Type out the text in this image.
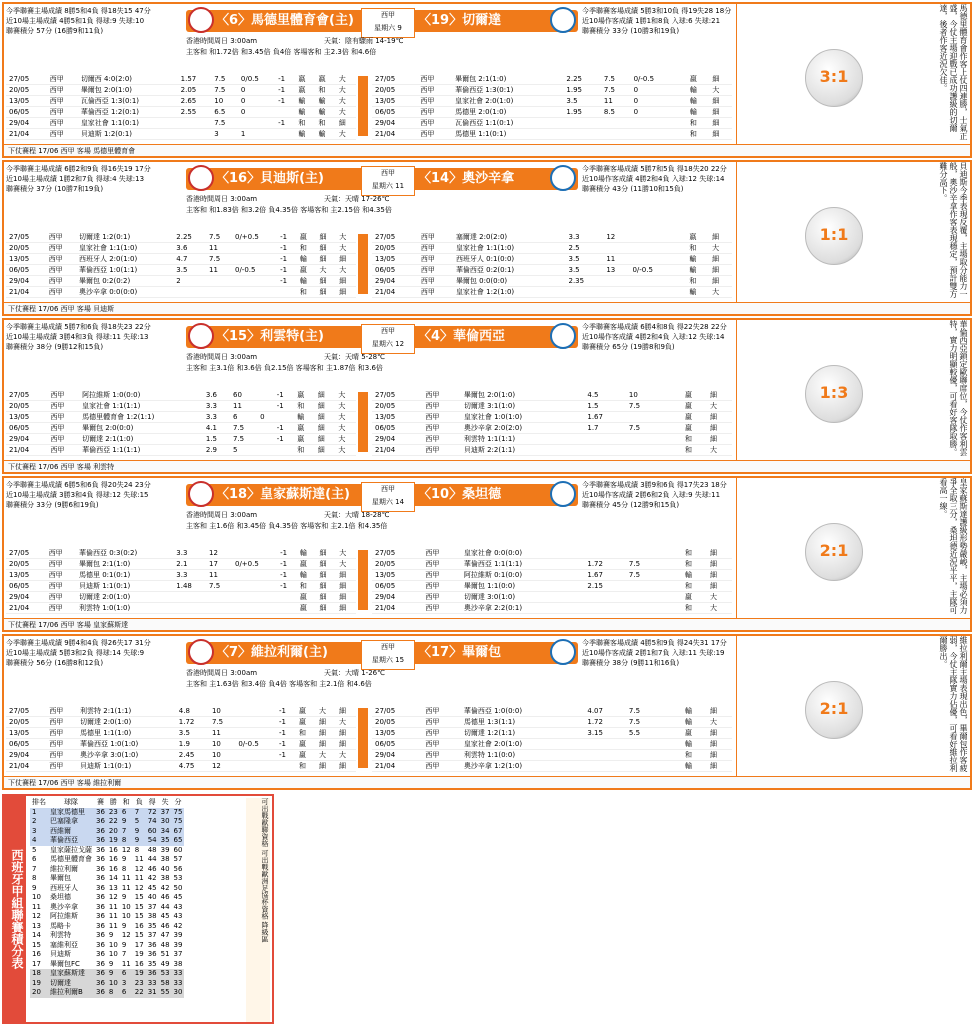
今季聯賽主場成績 8勝5和4負 得18失15 47分
近10場主場成績 4勝5和1負 得球:9 失球:10
聯賽積分 57分 (16勝9和11負)
〈6〉馬德里體育會(主)	西甲
星期六 9	〈19〉切爾達
香港時間周日 3:00am	天氣：陰有驟雨 14-19℃
今季聯賽客場成績 5勝3和10負 得19失28 18分
近10場作客成績 1勝1和8負 入球:6 失球:21
聯賽積分 33分 (10勝3和19負)
主客和 和1.72倍 和3.45倍 負4倍 客場客和 主2.3倍 和4.6倍
27/05	西甲	切爾西 4:0(2:0)	1.57	7.5	0/0.5	-1	嬴	嬴	大
20/05	西甲	畢爾包 2:0(1:0)	2.05	7.5	0	-1	嬴	和	大
13/05	西甲	瓦倫西亞 1:3(0:1)	2.65	10	0	-1	輸	輸	大
06/05	西甲	華倫西亞 1:2(0:1)	2.55	6.5	0		輸	輸	大
29/04	西甲	皇家社會 1:1(0:1)		7.5		-1	和	和	細
21/04	西甲	貝迪斯 1:2(0:1)		3	1		輸	輸	大
27/05	西甲	畢爾包 2:1(1:0)	2.25	7.5	0/-0.5		嬴	細
20/05	西甲	華倫西亞 1:3(0:1)	1.95	7.5	0		輸	大
13/05	西甲	皇家社會 2:0(1:0)	3.5	11	0		輸	細
06/05	西甲	馬德里 2:0(1:0)	1.95	8.5	0		輸	細
29/04	西甲	瓦倫西亞 1:1(0:1)					和	細
21/04	西甲	馬德里 1:1(0:1)					和	細
3:1	馬德里體育會作客上仗四連勝，士氣正盛，今仗主場迎戰已成功護級的切爾達，後者作客近況欠佳。
下仗賽程 17/06 西甲 客場 馬德里體育會
今季聯賽主場成績 6勝2和9負 得16失19 17分
近10場主場成績 1勝2和7負 得球:4 失球:13
聯賽積分 37分 (10勝7和19負)
〈16〉貝迪斯(主)	西甲
星期六 11	〈14〉奧沙辛拿
香港時間周日 3:00am	天氣：天晴 17-26℃
今季聯賽客場成績 5勝7和5負 得18失20 22分
近10場作客成績 4勝2和4負 入球:12 失球:14
聯賽積分 43分 (11勝10和15負)
主客和 和1.83倍 和3.2倍 負4.35倍 客場客和 主2.15倍 和4.35倍
27/05	西甲	切爾達 1:2(0:1)	2.25	7.5	0/+0.5	-1	嬴	細	大
20/05	西甲	皇家社會 1:1(1:0)	3.6	11		-1	和	細	大
13/05	西甲	西班牙人 2:0(1:0)	4.7	7.5		-1	輸	細	細
06/05	西甲	華倫西亞 1:0(1:1)	3.5	11	0/-0.5	-1	嬴	大	大
29/04	西甲	畢爾包 0:2(0:2)	2			-1	輸	細	細
21/04	西甲	奧沙辛拿 0:0(0:0)					和	細	細
27/05	西甲	塞爾達 2:0(2:0)	3.3	12			嬴	細
20/05	西甲	皇家社會 1:1(1:0)	2.5				和	大
13/05	西甲	西班牙人 0:1(0:0)	3.5	11			輸	細
06/05	西甲	華倫西亞 0:2(0:1)	3.5	13	0/-0.5		輸	細
29/04	西甲	畢爾包 0:0(0:0)	2.35				和	細
21/04	西甲	皇家社會 1:2(1:0)					輸	大
1:1	貝迪斯今季表現反覆，主場取分能力一般，奧沙辛拿作客表現穩定，預計雙方難分高下。
下仗賽程 17/06 西甲 客場 貝迪斯
今季聯賽主場成績 5勝7和6負 得18失23 22分
近10場主場成績 3勝4和3負 得球:11 失球:13
聯賽積分 38分 (9勝12和15負)
〈15〉利雲特(主)	西甲
星期六 12	〈4〉華倫西亞
香港時間周日 3:00am	天氣：天晴 5-28℃
今季聯賽客場成績 6勝4和8負 得22失28 22分
近10場作客成績 4勝2和4負 入球:12 失球:14
聯賽積分 65分 (19勝8和9負)
主客和 主3.1倍 和3.6倍 負2.15倍 客場客和 主1.87倍 和3.6倍
27/05	西甲	阿拉維斯 1:0(0:0)	3.6	60		-1	嬴	細	大
20/05	西甲	皇家社會 1:1(1:1)	3.3	11		-1	和	細	大
13/05	西甲	馬德里體育會 1:2(1:1)	3.3	6	0		輸	細	大
06/05	西甲	畢爾包 2:0(0:0)	4.1	7.5		-1	嬴	細	大
29/04	西甲	切爾達 2:1(1:0)	1.5	7.5		-1	嬴	細	大
21/04	西甲	華倫西亞 1:1(1:1)	2.9	5			和	細	大
27/05	西甲	畢爾包 2:0(1:0)	4.5	10			嬴	細
20/05	西甲	切爾達 3:1(1:0)	1.5	7.5			嬴	大
13/05	西甲	皇家社會 1:0(1:0)	1.67				嬴	細
06/05	西甲	奧沙辛拿 2:0(2:0)	1.7	7.5			嬴	細
29/04	西甲	利雲特 1:1(1:1)					和	細
21/04	西甲	貝迪斯 2:2(1:1)					和	大
1:3	華倫西亞鎖定歐聯席位，今仗作客利雲特，實力明顯較優，可看好客隊取勝。
下仗賽程 17/06 西甲 客場 利雲特
今季聯賽主場成績 6勝5和6負 得20失24 23分
近10場主場成績 3勝3和4負 得球:12 失球:15
聯賽積分 33分 (9勝6和19負)
〈18〉皇家蘇斯達(主)	西甲
星期六 14	〈10〉桑坦德
香港時間周日 3:00am	天氣：大晴 18-28℃
今季聯賽客場成績 3勝9和6負 得17失23 18分
近10場作客成績 2勝6和2負 入球:9 失球:11
聯賽積分 45分 (12勝9和15負)
主客和 主1.6倍 和3.45倍 負4.35倍 客場客和 主2.1倍 和4.35倍
27/05	西甲	華倫西亞 0:3(0:2)	3.3	12		-1	輸	細	大
20/05	西甲	畢爾包 2:1(1:0)	2.1	17	0/+0.5	-1	嬴	細	大
13/05	西甲	馬德里 0:1(0:1)	3.3	11		-1	輸	細	細
06/05	西甲	貝迪斯 1:1(0:1)	1.48	7.5		-1	和	細	細
29/04	西甲	切爾達 2:0(1:0)					嬴	細	細
21/04	西甲	利雲特 1:0(1:0)					嬴	細	細
27/05	西甲	皇家社會 0:0(0:0)					和	細
20/05	西甲	華倫西亞 1:1(1:1)	1.72	7.5			和	細
13/05	西甲	阿拉維斯 0:1(0:0)	1.67	7.5			輸	細
06/05	西甲	畢爾包 1:1(0:0)	2.15				和	細
29/04	西甲	切爾達 3:0(1:0)					嬴	大
21/04	西甲	奧沙辛拿 2:2(0:1)					和	大
2:1	皇家蘇斯達護級形勢嚴峻，主場必須力爭全取三分，桑坦德近況平平，主隊可看高一線。
下仗賽程 17/06 西甲 客場 皇家蘇斯達
今季聯賽主場成績 9勝4和4負 得26失17 31分
近10場主場成績 5勝3和2負 得球:14 失球:9
聯賽積分 56分 (16勝8和12負)
〈7〉維拉利爾(主)	西甲
星期六 15	〈17〉畢爾包
香港時間周日 3:00am	天氣：大晴 1-26℃
今季聯賽客場成績 4勝5和9負 得24失31 17分
近10場作客成績 2勝1和7負 入球:11 失球:19
聯賽積分 38分 (9勝11和16負)
主客和 主1.63倍 和3.4倍 負4倍 客場客和 主2.1倍 和4.6倍
27/05	西甲	利雲特 2:1(1:1)	4.8	10		-1	嬴	大	細
20/05	西甲	切爾達 2:0(1:0)	1.72	7.5		-1	嬴	細	大
13/05	西甲	馬德里 1:1(1:0)	3.5	11		-1	和	細	細
06/05	西甲	華倫西亞 1:0(1:0)	1.9	10	0/-0.5	-1	嬴	細	細
29/04	西甲	奧沙辛拿 3:0(1:0)	2.45	10		-1	嬴	大	大
21/04	西甲	貝迪斯 1:1(0:1)	4.75	12			和	細	細
27/05	西甲	華倫西亞 1:0(0:0)	4.07	7.5			輸	細
20/05	西甲	馬德里 1:3(1:1)	1.72	7.5			輸	大
13/05	西甲	切爾達 1:2(1:1)	3.15	5.5			嬴	細
06/05	西甲	皇家社會 2:0(1:0)					輸	細
29/04	西甲	利雲特 1:1(0:0)					和	細
21/04	西甲	奧沙辛拿 1:2(1:0)					輸	細
2:1	維拉利爾主場表現出色，畢爾包作客疲弱，今仗主隊實力佔優，可看好維拉利爾勝出。
下仗賽程 17/06 西甲 客場 維拉利爾
西班牙甲組聯賽積分表
排名	球隊	賽	勝	和	負	得	失	分
1	皇家馬德里	36	23	6	7	72	37	75
2	巴塞隆拿	36	22	9	5	74	30	75
3	西維爾	36	20	7	9	60	34	67
4	華倫西亞	36	19	8	9	54	35	65
5	皇家薩拉戈薩	36	16	12	8	48	39	60
6	馬德里體育會	36	16	9	11	44	38	57
7	維拉利爾	36	16	8	12	46	40	56
8	畢爾包	36	14	11	11	42	38	53
9	西班牙人	36	13	11	12	45	42	50
10	桑坦德	36	12	9	15	40	46	45
11	奧沙辛拿	36	11	10	15	37	44	43
12	阿拉維斯	36	11	10	15	38	45	43
13	馬略卡	36	11	9	16	35	46	42
14	利雲特	36	9	12	15	37	47	39
15	塞維利亞	36	10	9	17	36	48	39
16	貝迪斯	36	10	7	19	36	51	37
17	畢爾包FC	36	9	11	16	35	49	38
18	皇家蘇斯達	36	9	6	19	36	53	33
19	切爾達	36	10	3	23	33	58	33
20	維拉利爾B	36	8	6	22	31	55	30
可出戰歐聯資格 可出戰歐洲足協杯資格 降級區
